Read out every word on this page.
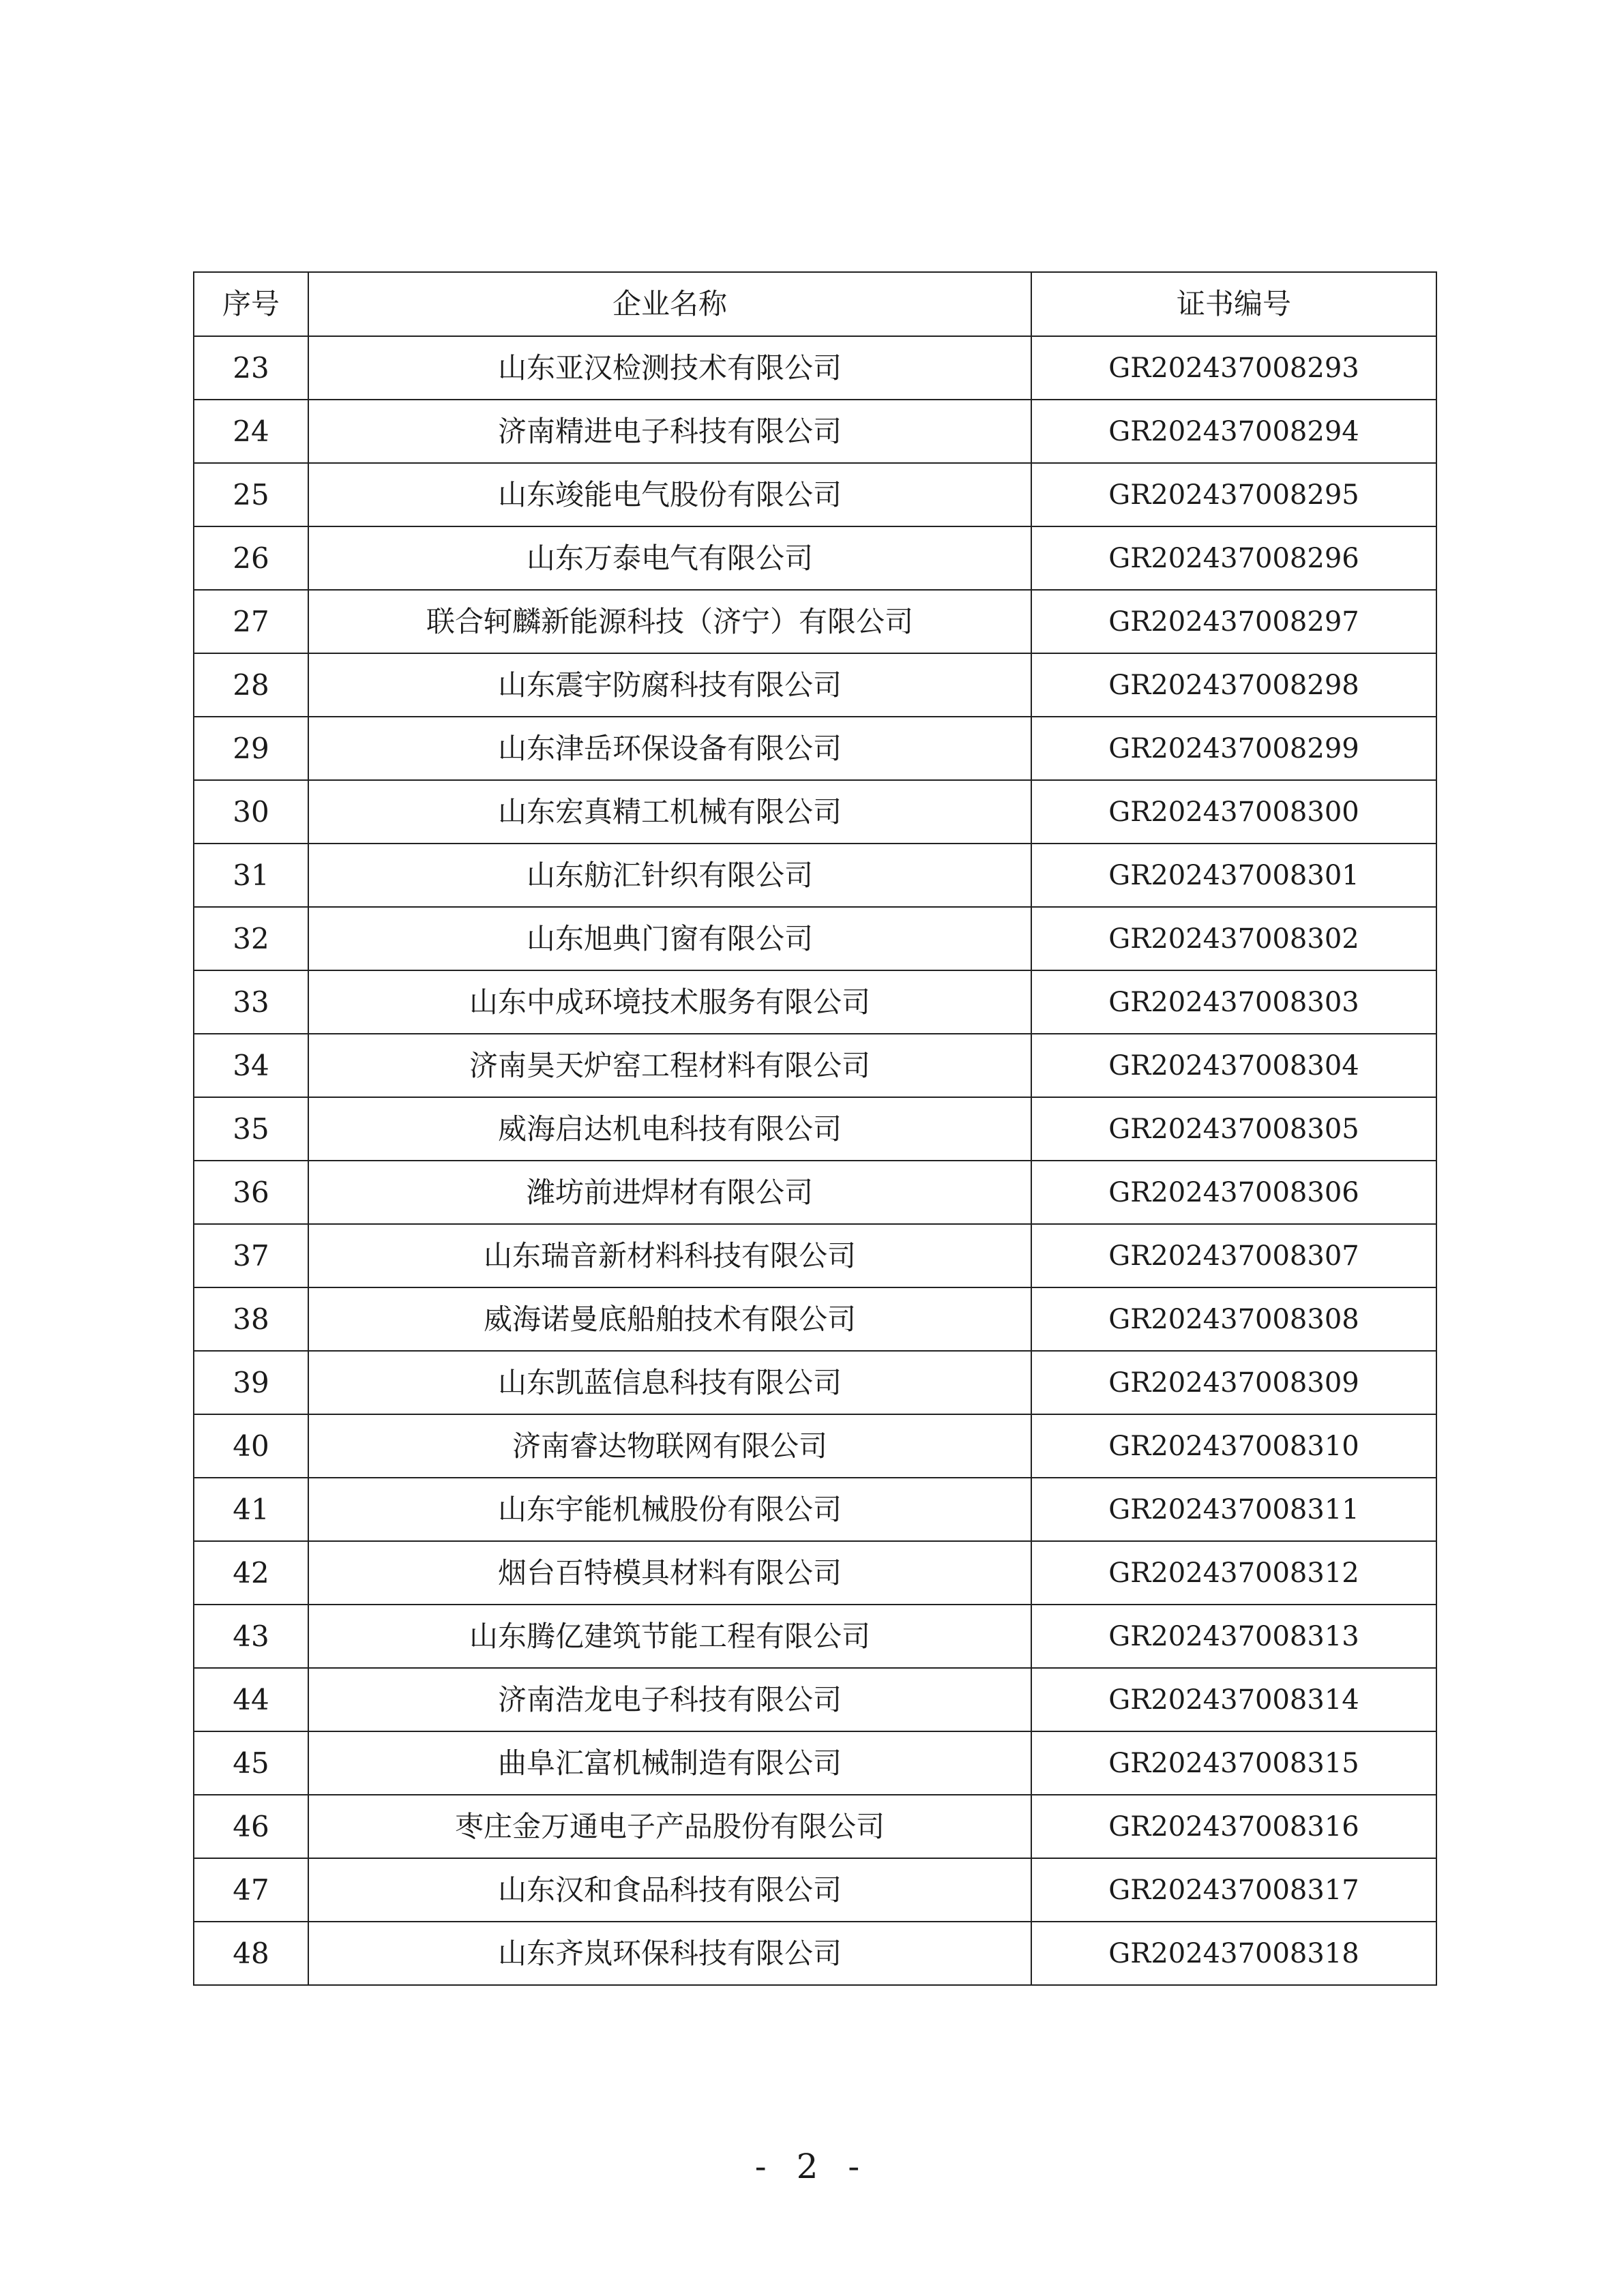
序号	企业名称	证书编号
23	山东亚汉检测技术有限公司	GR202437008293
24	济南精进电子科技有限公司	GR202437008294
25	山东竣能电气股份有限公司	GR202437008295
26	山东万泰电气有限公司	GR202437008296
27	联合轲麟新能源科技（济宁）有限公司	GR202437008297
28	山东震宇防腐科技有限公司	GR202437008298
29	山东津岳环保设备有限公司	GR202437008299
30	山东宏真精工机械有限公司	GR202437008300
31	山东舫汇针织有限公司	GR202437008301
32	山东旭典门窗有限公司	GR202437008302
33	山东中成环境技术服务有限公司	GR202437008303
34	济南昊天炉窑工程材料有限公司	GR202437008304
35	威海启达机电科技有限公司	GR202437008305
36	潍坊前进焊材有限公司	GR202437008306
37	山东瑞音新材料科技有限公司	GR202437008307
38	威海诺曼底船舶技术有限公司	GR202437008308
39	山东凯蓝信息科技有限公司	GR202437008309
40	济南睿达物联网有限公司	GR202437008310
41	山东宇能机械股份有限公司	GR202437008311
42	烟台百特模具材料有限公司	GR202437008312
43	山东腾亿建筑节能工程有限公司	GR202437008313
44	济南浩龙电子科技有限公司	GR202437008314
45	曲阜汇富机械制造有限公司	GR202437008315
46	枣庄金万通电子产品股份有限公司	GR202437008316
47	山东汉和食品科技有限公司	GR202437008317
48	山东齐岚环保科技有限公司	GR202437008318
- 2 -
